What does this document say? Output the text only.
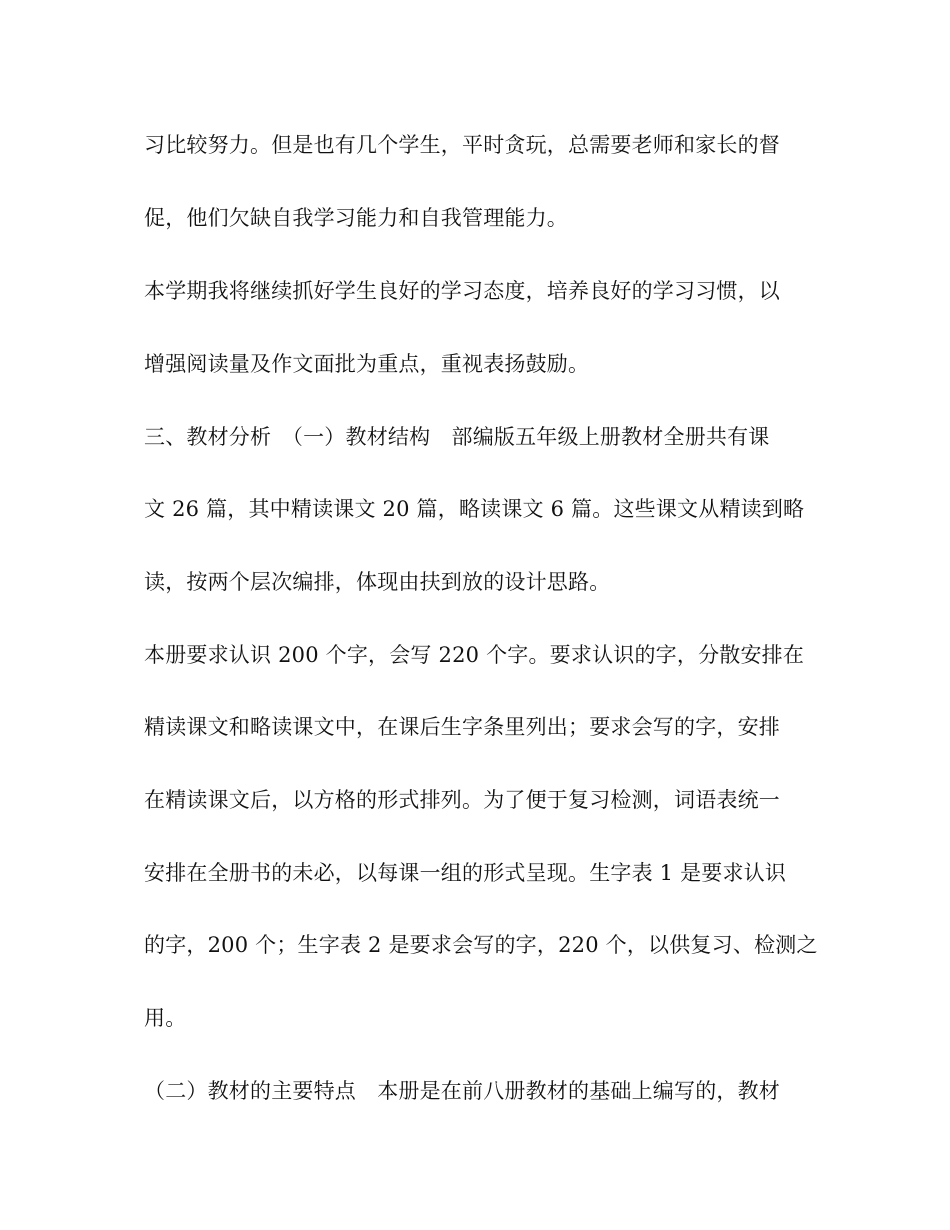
习比较努力。但是也有几个学生，平时贪玩，总需要老师和家长的督
促，他们欠缺自我学习能力和自我管理能力。
本学期我将继续抓好学生良好的学习态度，培养良好的学习习惯，以
增强阅读量及作文面批为重点，重视表扬鼓励。
三、教材分析　（一）教材结构　部编版五年级上册教材全册共有课
文 26 篇，其中精读课文 20 篇，略读课文 6 篇。这些课文从精读到略
读，按两个层次编排，体现由扶到放的设计思路。
本册要求认识 200 个字，会写 220 个字。要求认识的字，分散安排在
精读课文和略读课文中，在课后生字条里列出；要求会写的字，安排
在精读课文后，以方格的形式排列。为了便于复习检测，词语表统一
安排在全册书的未必，以每课一组的形式呈现。生字表 1 是要求认识
的字，200 个；生字表 2 是要求会写的字，220 个，以供复习、检测之
用。
（二）教材的主要特点　本册是在前八册教材的基础上编写的，教材
